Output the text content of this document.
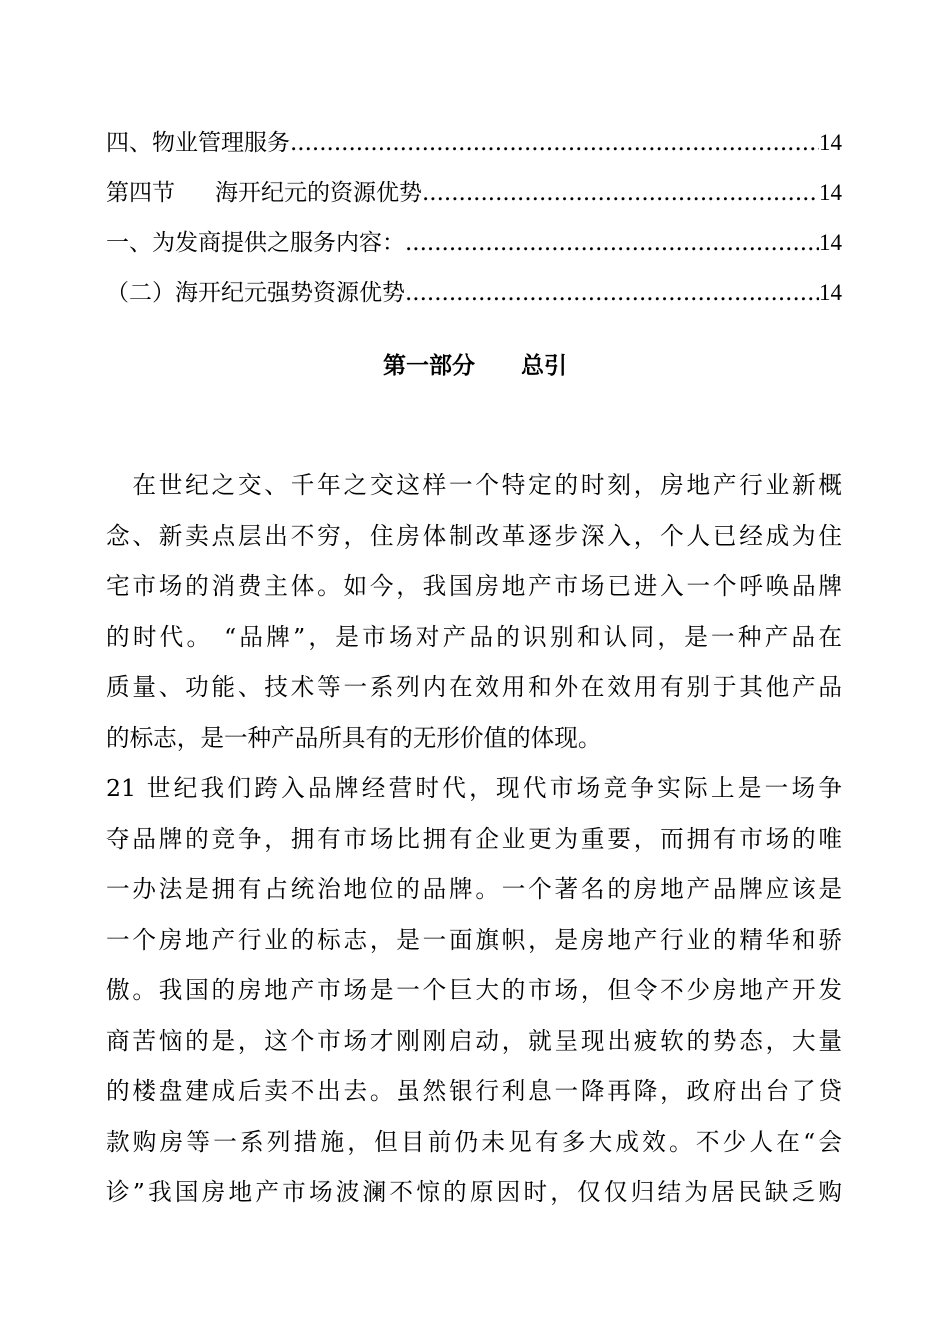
四、物业管理服务 .....	14
第四节 海开纪元的资源优势 .....	14
一、为发商提供之服务内容： .....	14
（二）海开纪元强势资源优势 .....	14
第一部分 总引
　在世纪之交、千年之交这样一个特定的时刻，房地产行业新概
念、新卖点层出不穷，住房体制改革逐步深入，个人已经成为住
宅市场的消费主体。如今，我国房地产市场已进入一个呼唤品牌
的时代。 “品牌”，是市场对产品的识别和认同，是一种产品在
质量、功能、技术等一系列内在效用和外在效用有别于其他产品
的标志，是一种产品所具有的无形价值的体现。
21 世纪我们跨入品牌经营时代，现代市场竞争实际上是一场争
夺品牌的竞争，拥有市场比拥有企业更为重要，而拥有市场的唯
一办法是拥有占统治地位的品牌。一个著名的房地产品牌应该是
一个房地产行业的标志，是一面旗帜，是房地产行业的精华和骄
傲。我国的房地产市场是一个巨大的市场，但令不少房地产开发
商苦恼的是，这个市场才刚刚启动，就呈现出疲软的势态，大量
的楼盘建成后卖不出去。虽然银行利息一降再降，政府出台了贷
款购房等一系列措施，但目前仍未见有多大成效。不少人在“会
诊”我国房地产市场波澜不惊的原因时，仅仅归结为居民缺乏购
